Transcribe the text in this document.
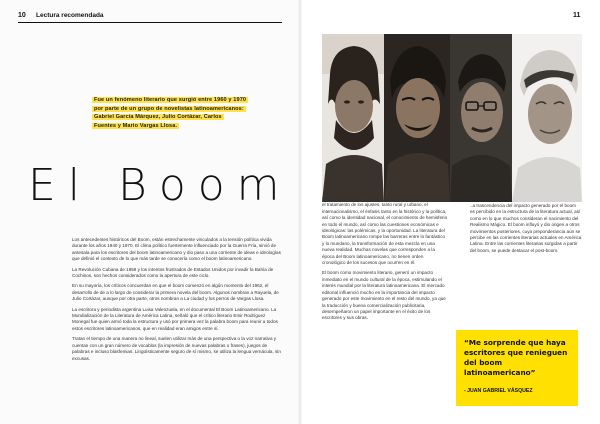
10 Lectura recomendada	11
Fue un fenómeno literario que surgió entre 1960 y 1970
por parte de un grupo de novelistas latinoamericanos:
Gabriel García Márquez, Julio Cortázar, Carlos
Fuentes y Mario Vargas Llosa.
El Boom

Los antecedentes históricos del Boom, están estrechamente vinculados a la tensión política vivida durante los años 1940 y 1970. El clima político fuertemente influenciado por la Guerra Fría, sirvió de antesala para los escritores del boom latinoamericano y dio paso a una corriente de ideas e ideologías que definió el contexto de lo que más tarde se conocería como el boom latinoamericano.

La Revolución Cubana de 1959 y los intentos frustrados de Estados Unidos por invadir la Bahía de Cochinos, son hechos considerados como la apertura de este ciclo.

En su mayoría, los críticos concuerdan en que el boom comenzó en algún momento del 1962, el desarrollo de de a lo largo de considerar la primera novela del boom. Algunos nombran a Rayuela, de Julio Cortázar, aunque por otra parte, otros nombran a La ciudad y los perros de Vargas Llosa.

La escritora y periodista argentina Luisa Valenzuela, en el documental El Boom Latinoamericano. La Mundialización de la Literatura de América Latina, señaló que el crítico literario Emir Rodríguez Monegal fue quien armó toda la estructura y usó por primera vez la palabra boom para reunir a todos estos escritores latinoamericanos, que en realidad eran amigos entre sí.

Tratan el tiempo de una manera no lineal, suelen utilizar más de una perspectiva o la voz narrativa y cuentan con un gran número de vocablos (la impresión de nuevas palabras o frases), juegos de palabras e incluso blasfemias. Lingüísticamente seguro de sí mismo, se utiliza la lengua vernácula, sin excusas.

Otras características notables del boom latinoamericano son el tratamiento de los ajustes, tanto rural y urbano, el internacionalismo, el énfasis tanto en la histórico y la política, así como la identidad nacional, el conocimiento de hemisferio en todo el mundo, así como las cuestiones económicas e ideológicas: las polémicas, y la oportunidad. La literatura del Boom latinoamericano rompe las barreras entre lo fantástico y lo mundano, la transformación de esta mezcla en una nueva realidad. Muchas novelas que corresponden a la época del Boom latinoamericano, no tienen orden cronológico de los sucesos que ocurren en él.

El boom como movimiento literario, generó un impacto inmediato en el mundo cultural de la época, estimulando el interés mundial por la literatura latinoamericana. El mercado editorial influenció mucho en la importancia del impacto generado por este movimiento en el resto del mundo, ya que la traducción y buena comercialización publicitaria, desempeñaron un papel importante en el éxito de los escritores y sus obras.

..a trascendencia del impacto generado por el boom es percibido en la estructura de la literatura actual, así como en lo que muchos consideran el nacimiento del Realismo Mágico. El boom influyó y dio origen a otros movimientos posteriores, cuya preponderancia aún se percibe en las corrientes literarias actuales en América Latina. Entre las corrientes literarias surgidas a partir del boom, se puede destacar el post-boom.

“Me sorprende que haya escritores que renieguen del boom latinoamericano”
- JUAN GABRIEL VÁSQUEZ
